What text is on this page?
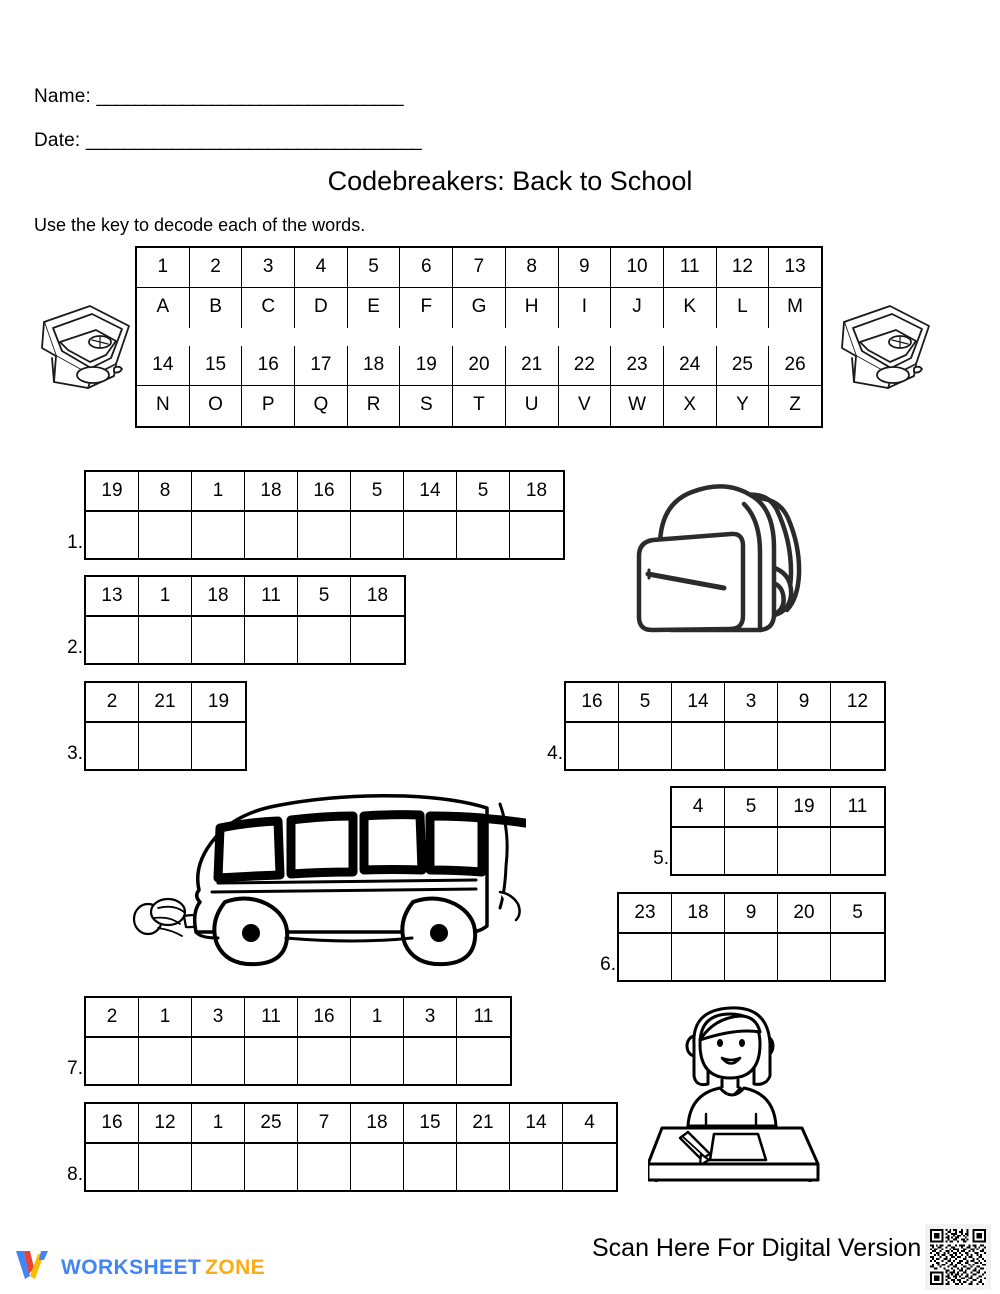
Name: ________________________________
Date: ___________________________________
Codebreakers: Back to School
Use the key to decode each of the words.
1	2	3	4	5	6	7	8	9	10	11	12	13
A	B	C	D	E	F	G	H	I	J	K	L	M
14	15	16	17	18	19	20	21	22	23	24	25	26
N	O	P	Q	R	S	T	U	V	W	X	Y	Z
1.
19	8	1	18	16	5	14	5	18
2.
13	1	18	11	5	18
3.
2	21	19
4.
16	5	14	3	9	12
5.
4	5	19	11
6.
23	18	9	20	5
7.
2	1	3	11	16	1	3	11
8.
16	12	1	25	7	18	15	21	14	4
WORKSHEET ZONE
Scan Here For Digital Version
